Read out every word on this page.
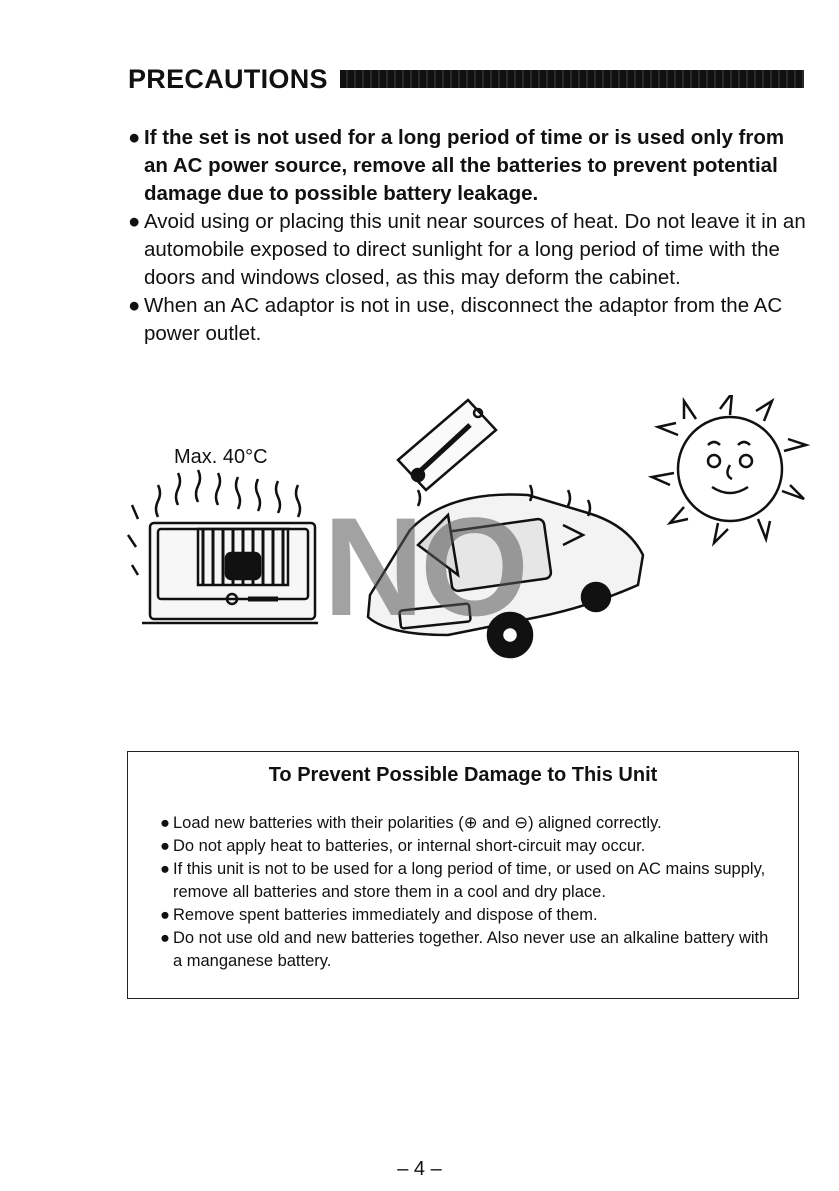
PRECAUTIONS

● If the set is not used for a long period of time or is used only from an AC power source, remove all the batteries to prevent potential damage due to possible battery leakage.

● Avoid using or placing this unit near sources of heat. Do not leave it in an automobile exposed to direct sunlight for a long period of time with the doors and windows closed, as this may deform the cabinet.

● When an AC adaptor is not in use, disconnect the adaptor from the AC power outlet.

Max. 40°C
NO
To Prevent Possible Damage to This Unit

● Load new batteries with their polarities (⊕ and ⊖) aligned correctly.

● Do not apply heat to batteries, or internal short-circuit may occur.

● If this unit is not to be used for a long period of time, or used on AC mains supply, remove all batteries and store them in a cool and dry place.

● Remove spent batteries immediately and dispose of them.

● Do not use old and new batteries together. Also never use an alkaline battery with a manganese battery.

– 4 –
